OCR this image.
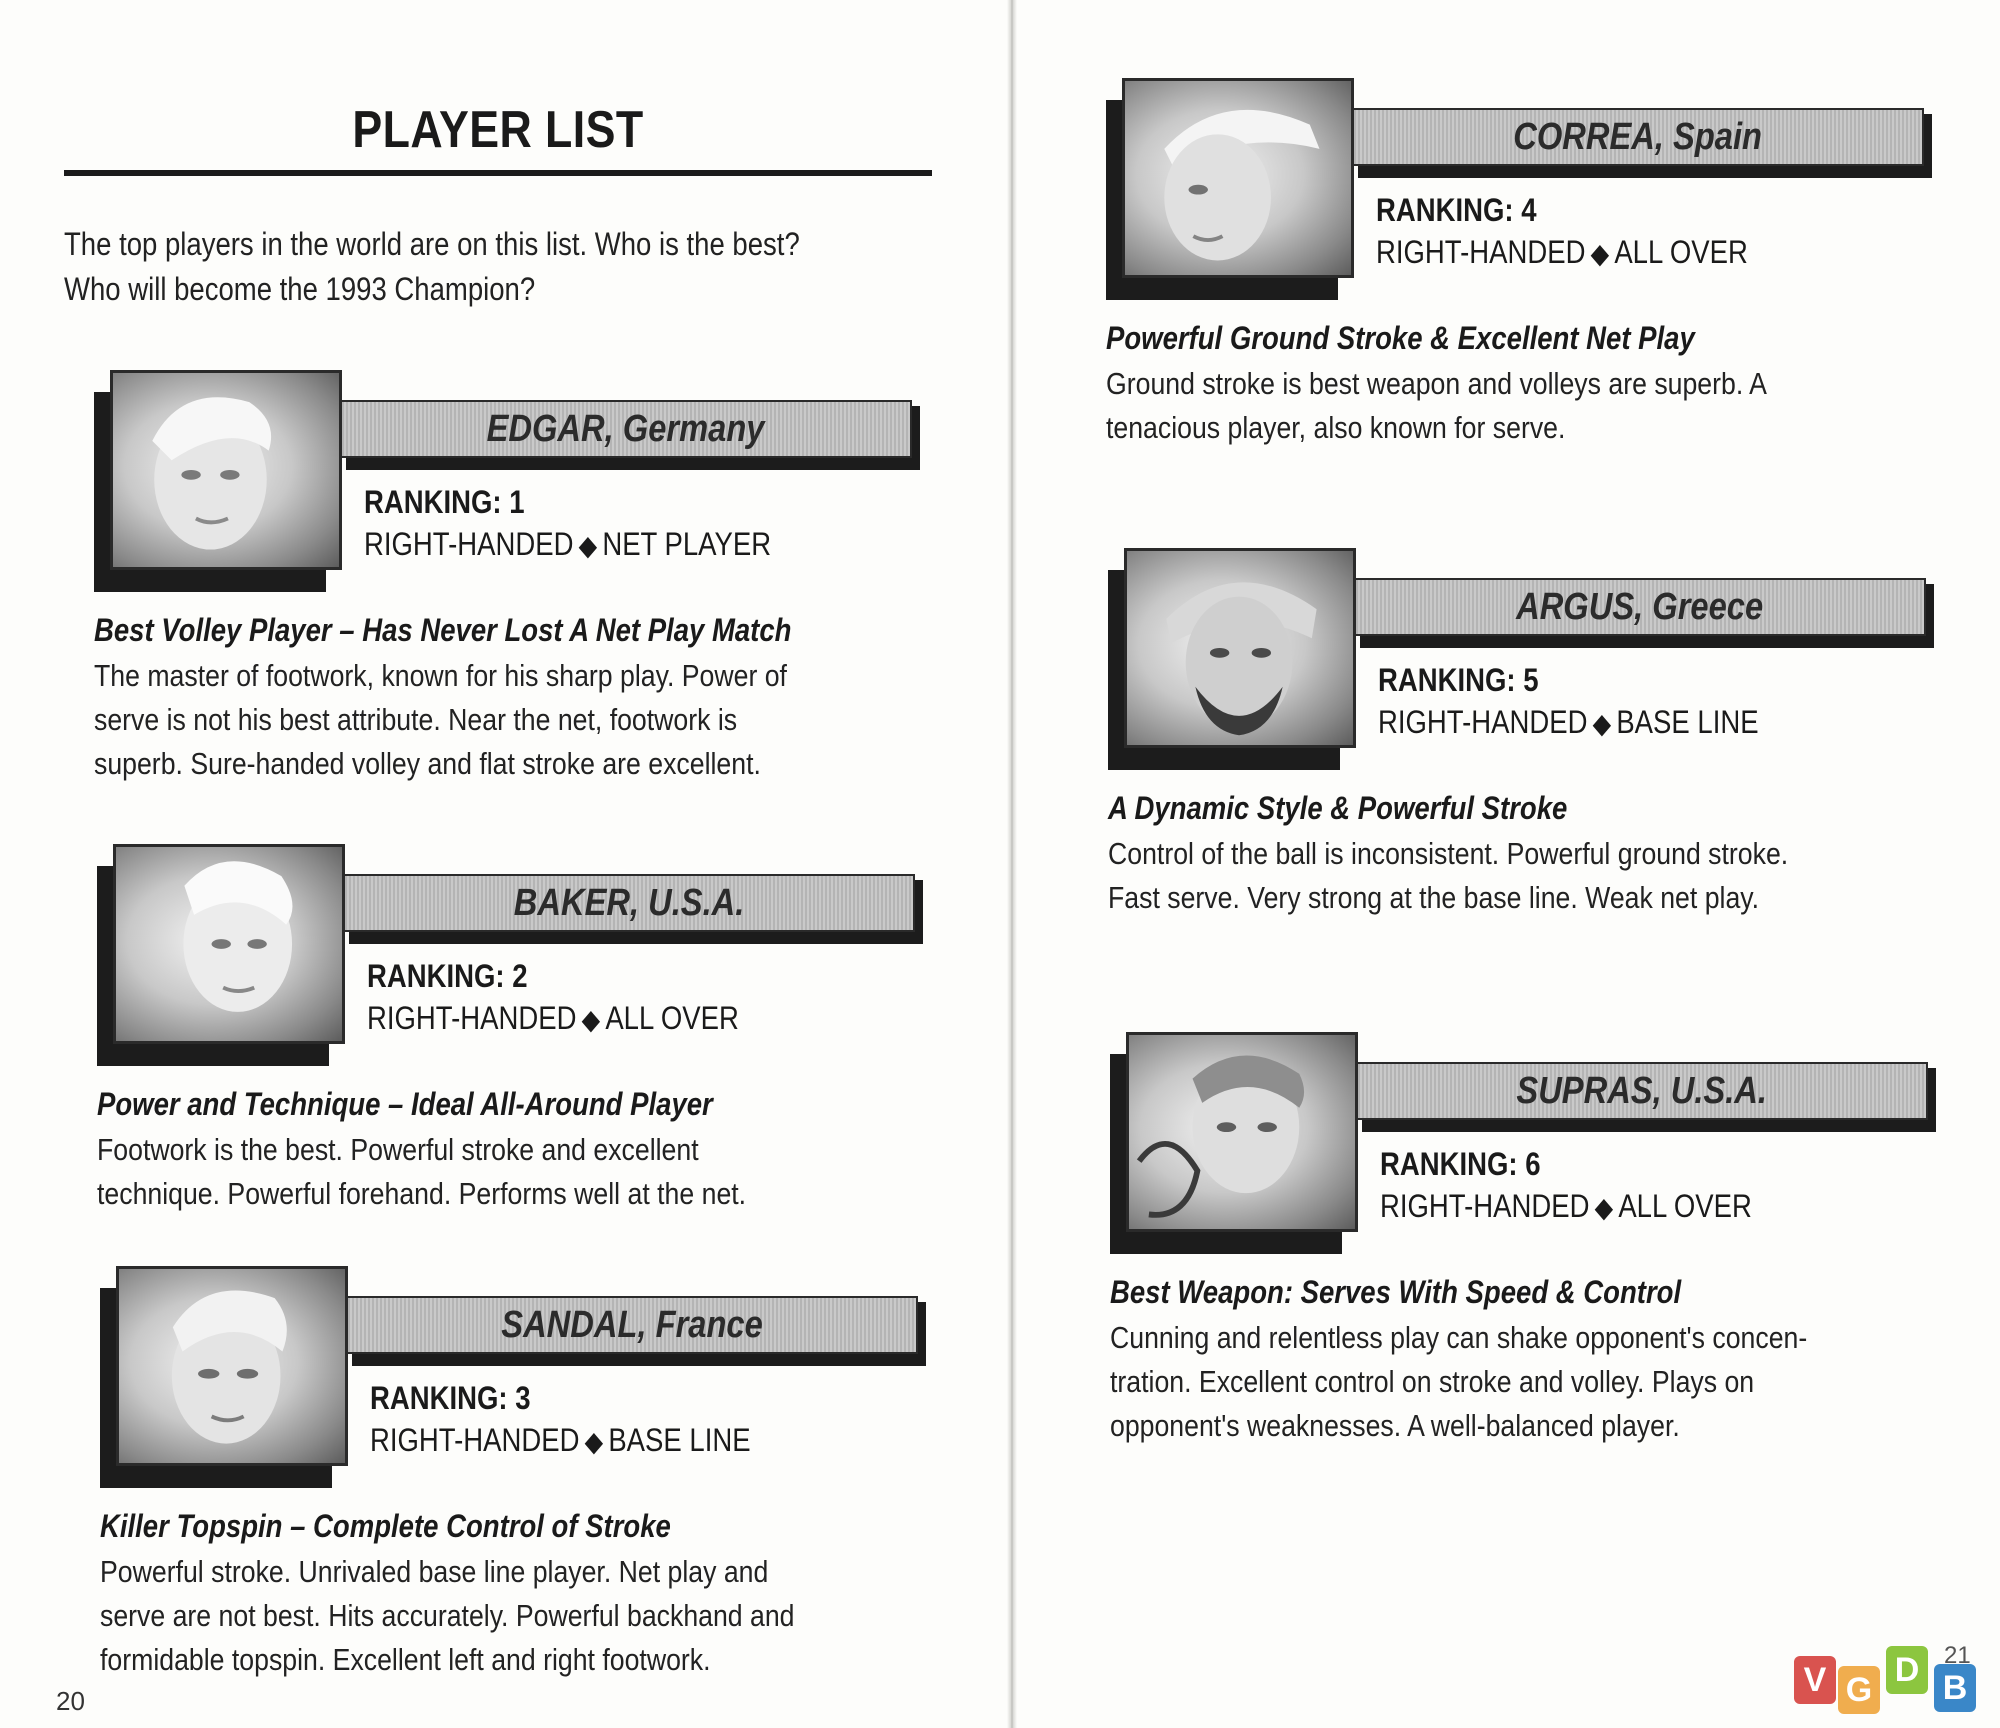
PLAYER LIST
The top players in the world are on this list. Who is the best?
Who will become the 1993 Champion?
EDGAR, Germany
RANKING: 1
RIGHT-HANDED ◆ NET PLAYER
Best Volley Player – Has Never Lost A Net Play Match
The master of footwork, known for his sharp play. Power of
serve is not his best attribute. Near the net, footwork is
superb. Sure-handed volley and flat stroke are excellent.
BAKER, U.S.A.
RANKING: 2
RIGHT-HANDED ◆ ALL OVER
Power and Technique – Ideal All-Around Player
Footwork is the best. Powerful stroke and excellent
technique. Powerful forehand. Performs well at the net.
SANDAL, France
RANKING: 3
RIGHT-HANDED ◆ BASE LINE
Killer Topspin – Complete Control of Stroke
Powerful stroke. Unrivaled base line player. Net play and
serve are not best. Hits accurately. Powerful backhand and
formidable topspin. Excellent left and right footwork.
20
CORREA, Spain
RANKING: 4
RIGHT-HANDED ◆ ALL OVER
Powerful Ground Stroke & Excellent Net Play
Ground stroke is best weapon and volleys are superb. A
tenacious player, also known for serve.
ARGUS, Greece
RANKING: 5
RIGHT-HANDED ◆ BASE LINE
A Dynamic Style & Powerful Stroke
Control of the ball is inconsistent. Powerful ground stroke.
Fast serve. Very strong at the base line. Weak net play.
SUPRAS, U.S.A.
RANKING: 6
RIGHT-HANDED ◆ ALL OVER
Best Weapon: Serves With Speed & Control
Cunning and relentless play can shake opponent's concen-
tration. Excellent control on stroke and volley. Plays on
opponent's weaknesses. A well-balanced player.
V G
D B
21
